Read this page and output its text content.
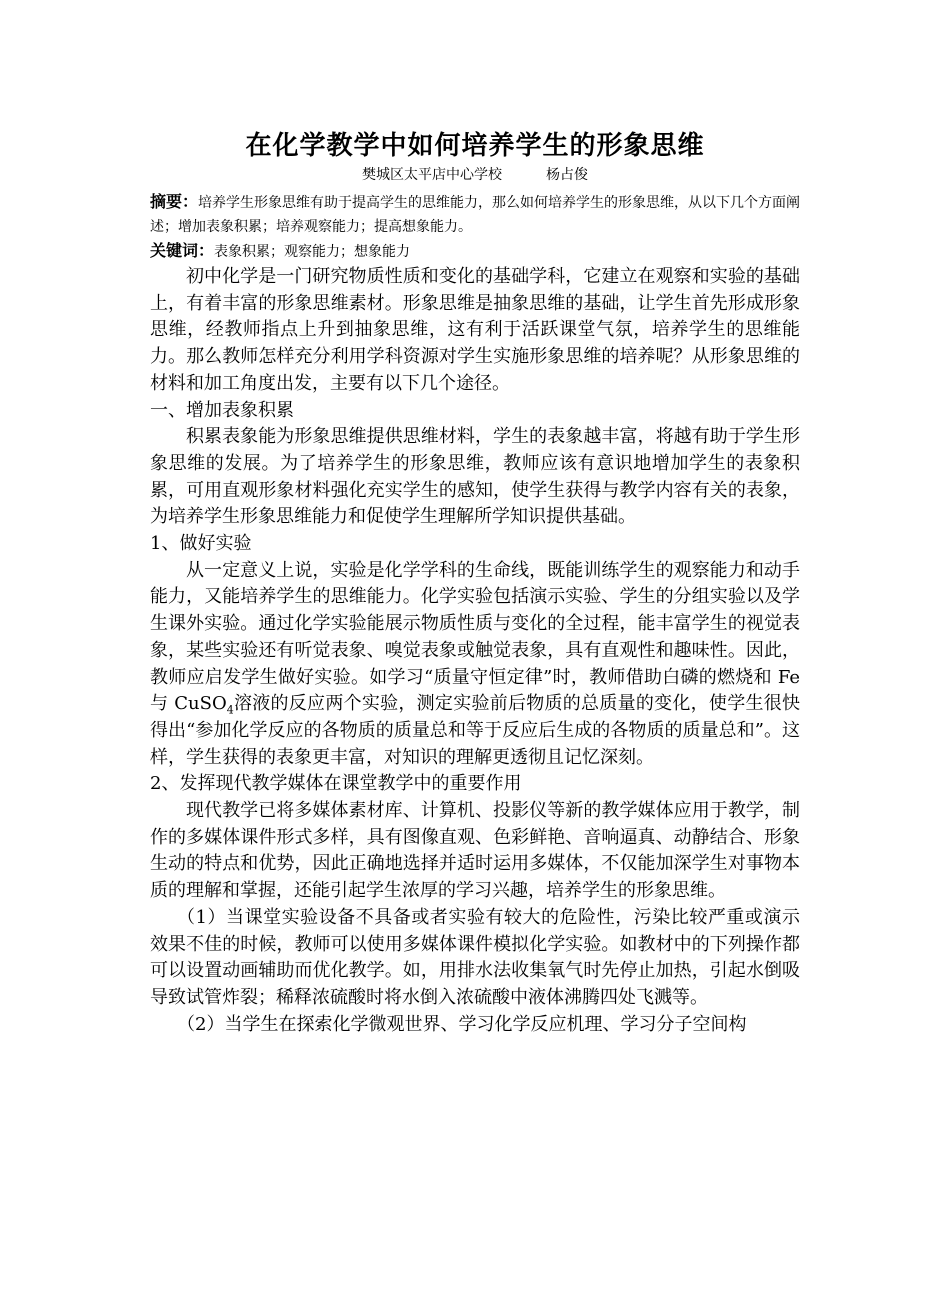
在化学教学中如何培养学生的形象思维

樊城区太平店中心学校	杨占俊

摘要：培养学生形象思维有助于提高学生的思维能力，那么如何培养学生的形象思维，从以下几个方面阐述；增加表象积累；培养观察能力；提高想象能力。

关键词：表象积累；观察能力；想象能力

初中化学是一门研究物质性质和变化的基础学科，它建立在观察和实验的基础上，有着丰富的形象思维素材。形象思维是抽象思维的基础，让学生首先形成形象思维，经教师指点上升到抽象思维，这有利于活跃课堂气氛，培养学生的思维能力。那么教师怎样充分利用学科资源对学生实施形象思维的培养呢？从形象思维的材料和加工角度出发，主要有以下几个途径。

一、增加表象积累

积累表象能为形象思维提供思维材料，学生的表象越丰富，将越有助于学生形象思维的发展。为了培养学生的形象思维，教师应该有意识地增加学生的表象积累，可用直观形象材料强化充实学生的感知，使学生获得与教学内容有关的表象，为培养学生形象思维能力和促使学生理解所学知识提供基础。

1、做好实验

从一定意义上说，实验是化学学科的生命线，既能训练学生的观察能力和动手能力，又能培养学生的思维能力。化学实验包括演示实验、学生的分组实验以及学生课外实验。通过化学实验能展示物质性质与变化的全过程，能丰富学生的视觉表象，某些实验还有听觉表象、嗅觉表象或触觉表象，具有直观性和趣味性。因此，教师应启发学生做好实验。如学习“质量守恒定律”时，教师借助白磷的燃烧和 Fe 与 CuSO$_4$溶液的反应两个实验，测定实验前后物质的总质量的变化，使学生很快得出“参加化学反应的各物质的质量总和等于反应后生成的各物质的质量总和”。这样，学生获得的表象更丰富，对知识的理解更透彻且记忆深刻。

2、发挥现代教学媒体在课堂教学中的重要作用

现代教学已将多媒体素材库、计算机、投影仪等新的教学媒体应用于教学，制作的多媒体课件形式多样，具有图像直观、色彩鲜艳、音响逼真、动静结合、形象生动的特点和优势，因此正确地选择并适时运用多媒体，不仅能加深学生对事物本质的理解和掌握，还能引起学生浓厚的学习兴趣，培养学生的形象思维。

（1）当课堂实验设备不具备或者实验有较大的危险性，污染比较严重或演示效果不佳的时候，教师可以使用多媒体课件模拟化学实验。如教材中的下列操作都可以设置动画辅助而优化教学。如，用排水法收集氧气时先停止加热，引起水倒吸导致试管炸裂；稀释浓硫酸时将水倒入浓硫酸中液体沸腾四处飞溅等。

（2）当学生在探索化学微观世界、学习化学反应机理、学习分子空间构
